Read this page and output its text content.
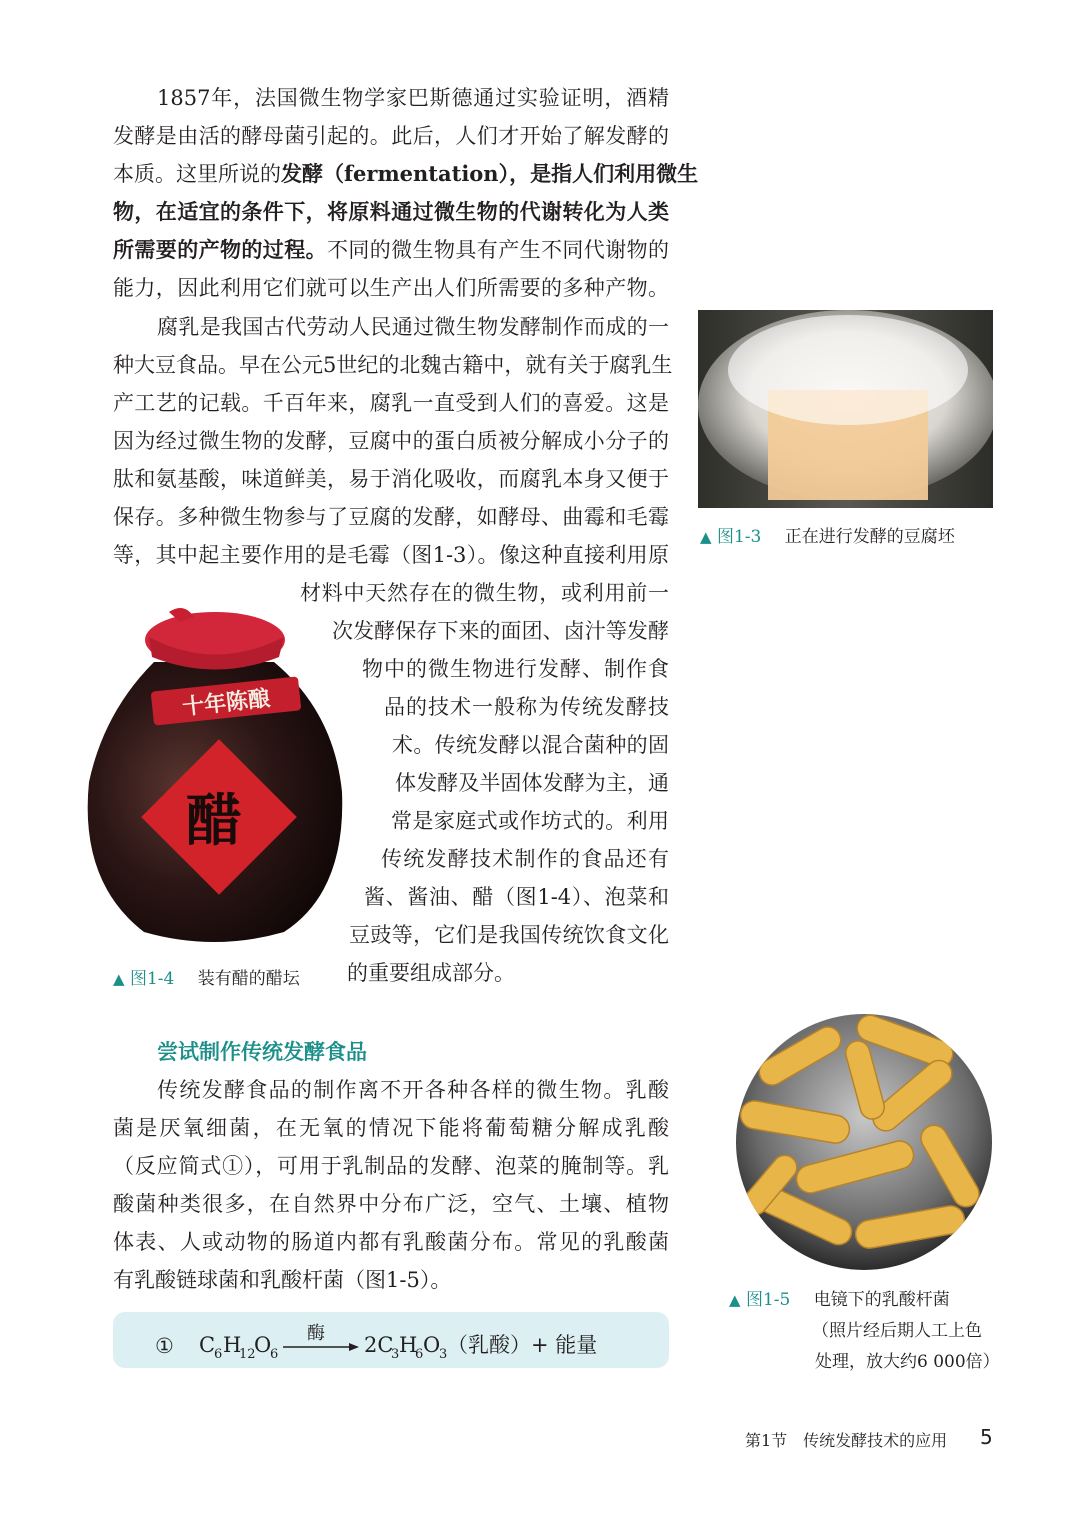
1857年，法国微生物学家巴斯德通过实验证明，酒精
发酵是由活的酵母菌引起的。此后，人们才开始了解发酵的
本质。这里所说的发酵（fermentation），是指人们利用微生
物，在适宜的条件下，将原料通过微生物的代谢转化为人类
所需要的产物的过程。不同的微生物具有产生不同代谢物的
能力，因此利用它们就可以生产出人们所需要的多种产物。
腐乳是我国古代劳动人民通过微生物发酵制作而成的一
种大豆食品。早在公元5世纪的北魏古籍中，就有关于腐乳生
产工艺的记载。千百年来，腐乳一直受到人们的喜爱。这是
因为经过微生物的发酵，豆腐中的蛋白质被分解成小分子的
肽和氨基酸，味道鲜美，易于消化吸收，而腐乳本身又便于
保存。多种微生物参与了豆腐的发酵，如酵母、曲霉和毛霉
等，其中起主要作用的是毛霉（图1-3）。像这种直接利用原
材料中天然存在的微生物，或利用前一
次发酵保存下来的面团、卤汁等发酵
物中的微生物进行发酵、制作食
品的技术一般称为传统发酵技
术。传统发酵以混合菌种的固
体发酵及半固体发酵为主，通
常是家庭式或作坊式的。利用
传统发酵技术制作的食品还有
酱、酱油、醋（图1-4）、泡菜和
豆豉等，它们是我国传统饮食文化
的重要组成部分。
▲ 图1-3 正在进行发酵的豆腐坯
十年陈酿
醋
▲ 图1-4 装有醋的醋坛
尝试制作传统发酵食品
传统发酵食品的制作离不开各种各样的微生物。乳酸
菌是厌氧细菌，在无氧的情况下能将葡萄糖分解成乳酸
（反应简式①），可用于乳制品的发酵、泡菜的腌制等。乳
酸菌种类很多，在自然界中分布广泛，空气、土壤、植物
体表、人或动物的肠道内都有乳酸菌分布。常见的乳酸菌
有乳酸链球菌和乳酸杆菌（图1-5）。
① C
6 H
12
O
6
酶 2C
3 H
6 O
3 （乳酸）+ 能量
▲ 图1-5 电镜下的乳酸杆菌
（照片经后期人工上色
处理，放大约6 000倍）
第1节　传统发酵技术的应用 5
